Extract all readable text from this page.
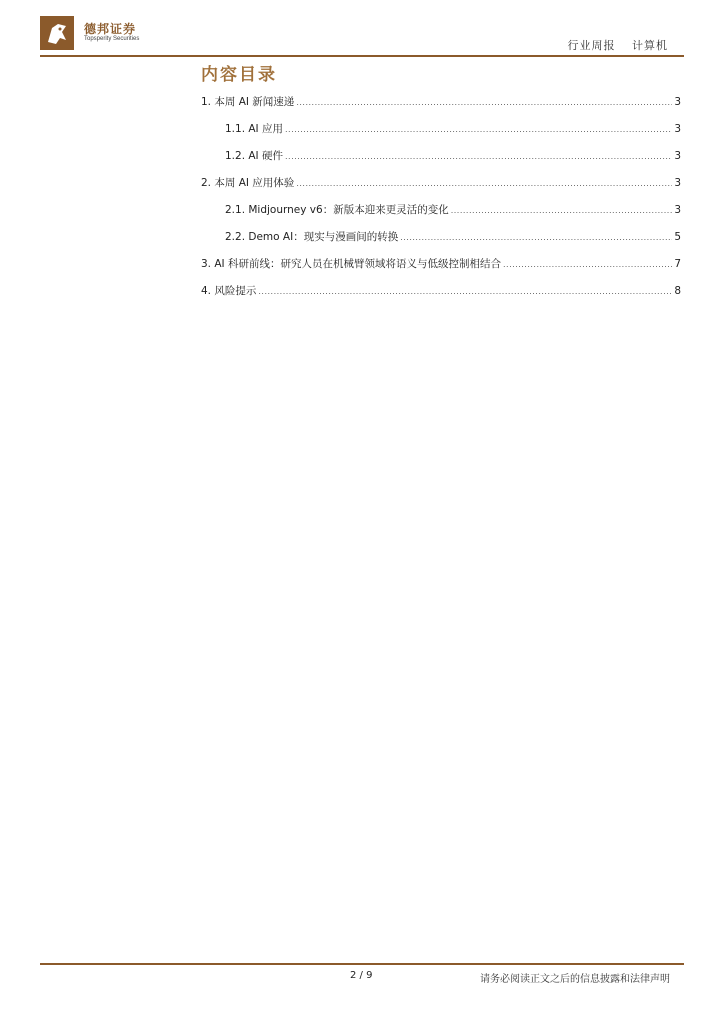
德邦证券
Topsperity Securities	行业周报 计算机
内容目录
1. 本周 AI 新闻速递 .....	3
1.1. AI 应用 .....	3
1.2. AI 硬件 .....	3
2. 本周 AI 应用体验 .....	3
2.1. Midjourney v6：新版本迎来更灵活的变化 .....	3
2.2. Demo AI：现实与漫画间的转换 .....	5
3. AI 科研前线：研究人员在机械臂领域将语义与低级控制相结合 .....	7
4. 风险提示 .....	8
2 / 9	请务必阅读正文之后的信息披露和法律声明
